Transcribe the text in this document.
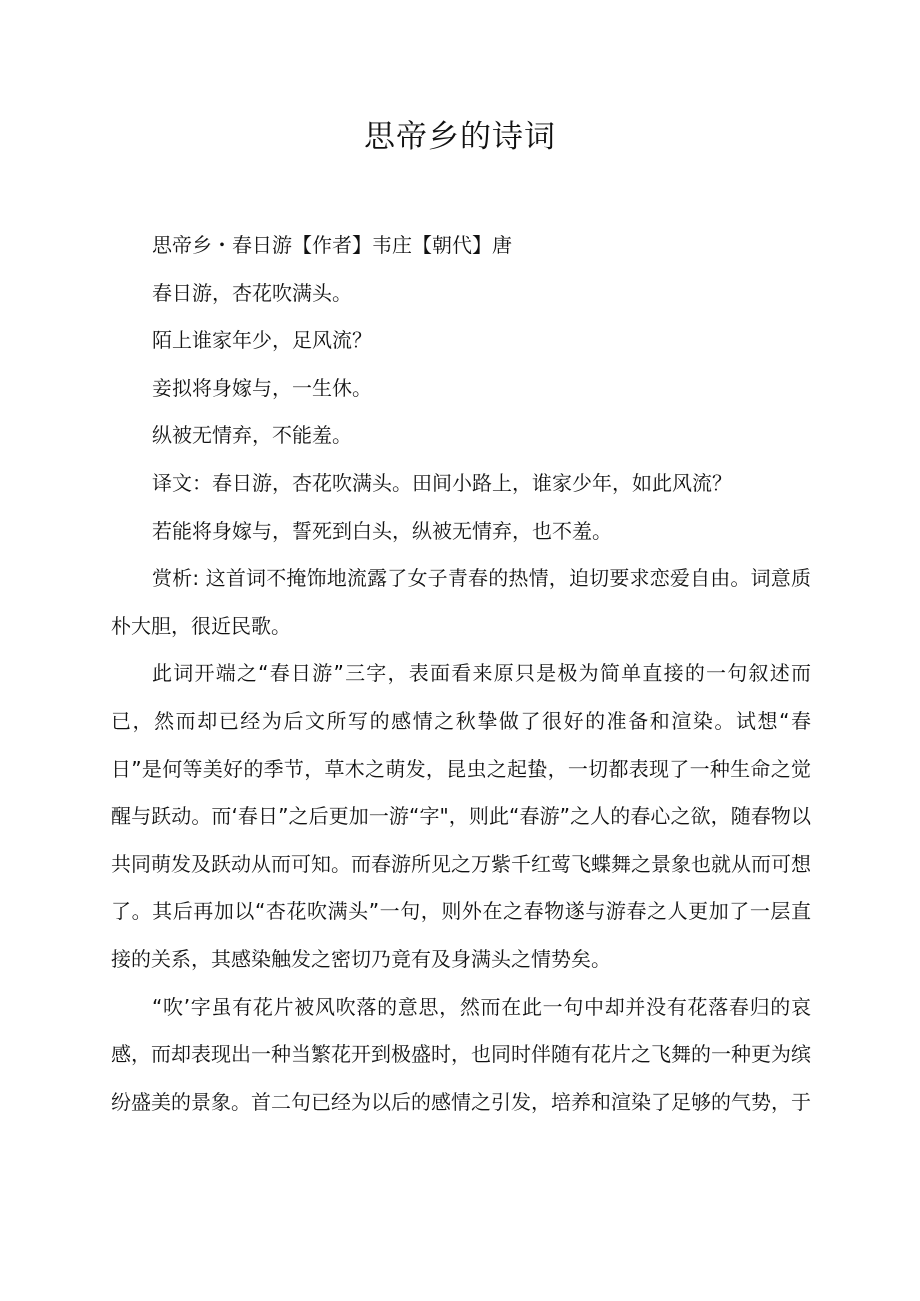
思帝乡的诗词

思帝乡・春日游【作者】韦庄【朝代】唐

春日游，杏花吹满头。

陌上谁家年少，足风流？

妾拟将身嫁与，一生休。

纵被无情弃，不能羞。

译文：春日游，杏花吹满头。田间小路上，谁家少年，如此风流？

若能将身嫁与，誓死到白头，纵被无情弃，也不羞。

赏析: 这首词不掩饰地流露了女子青春的热情，迫切要求恋爱自由。词意质朴大胆，很近民歌。

此词开端之“春日游”三字，表面看来原只是极为简单直接的一句叙述而已，然而却已经为后文所写的感情之秋挚做了很好的准备和渲染。试想“春日”是何等美好的季节，草木之萌发，昆虫之起蛰，一切都表现了一种生命之觉醒与跃动。而‘春日”之后更加一游“字"，则此“春游”之人的春心之欲，随春物以共同萌发及跃动从而可知。而春游所见之万紫千红莺飞蝶舞之景象也就从而可想了。其后再加以“杏花吹满头”一句，则外在之春物遂与游春之人更加了一层直接的关系，其感染触发之密切乃竟有及身满头之情势矣。

“吹’字虽有花片被风吹落的意思，然而在此一句中却并没有花落春归的哀感，而却表现出一种当繁花开到极盛时，也同时伴随有花片之飞舞的一种更为缤纷盛美的景象。首二句已经为以后的感情之引发，培养和渲染了足够的气势，于
